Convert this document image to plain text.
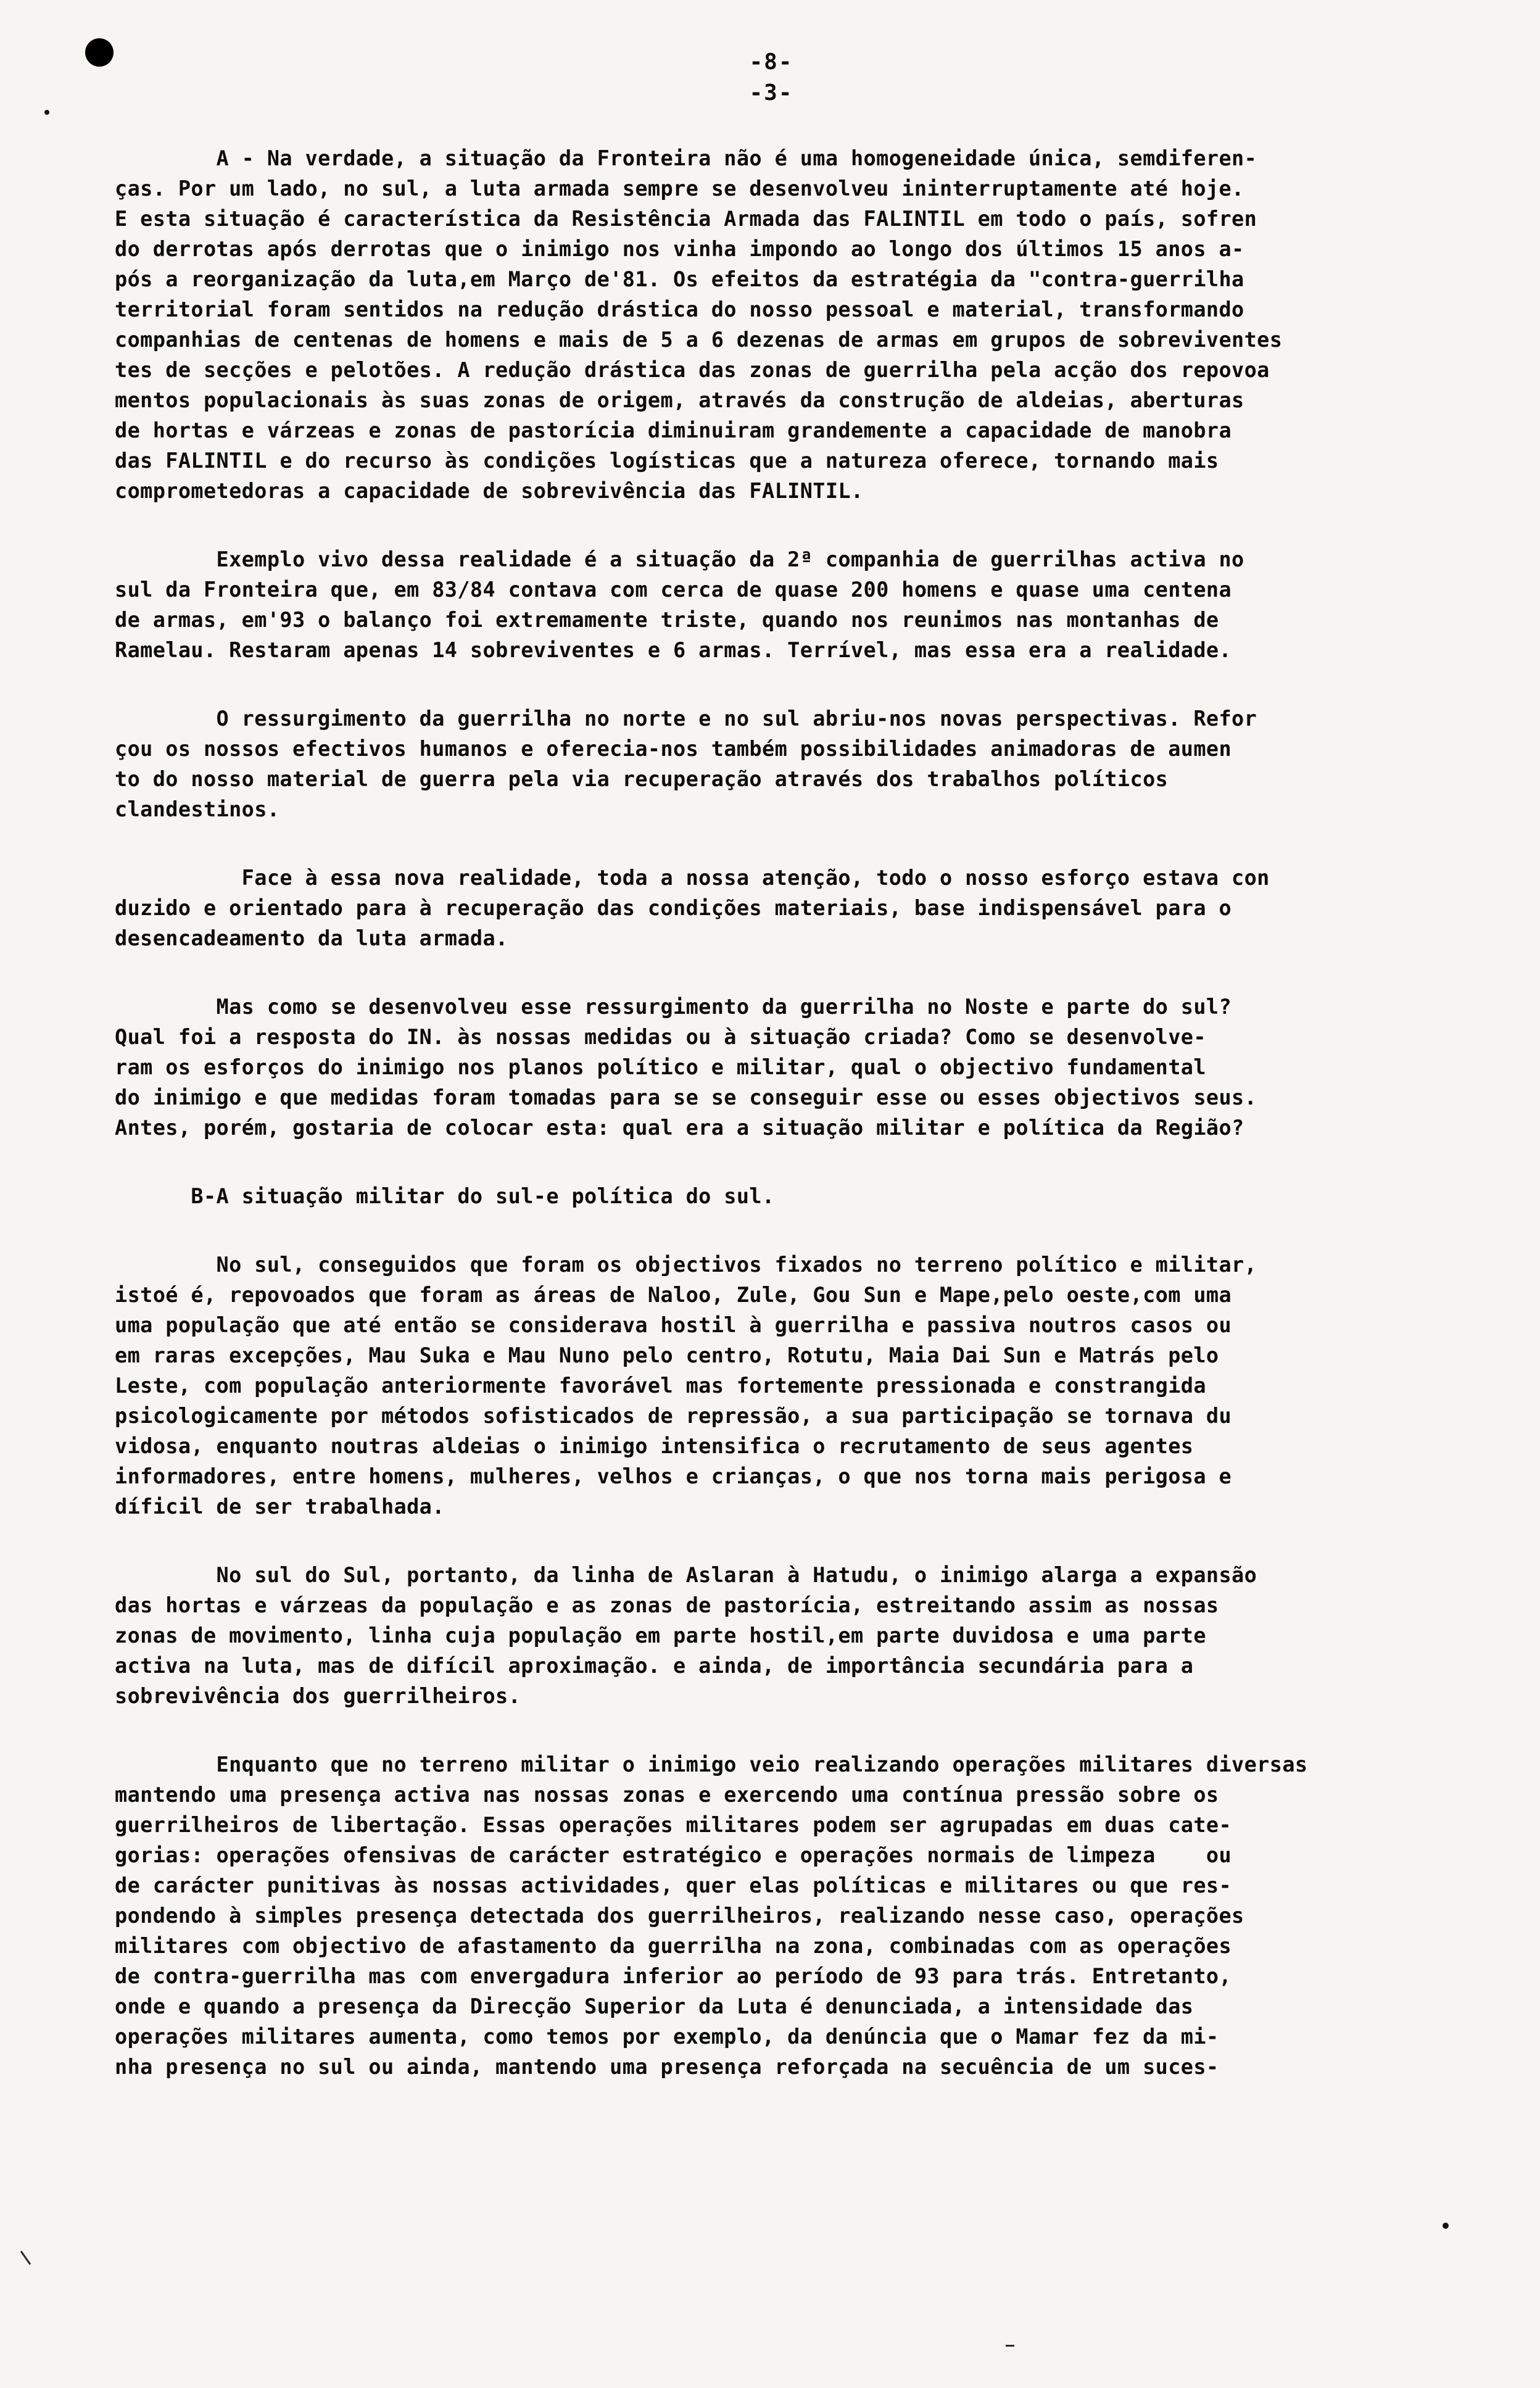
-8-
-3-
A - Na verdade, a situação da Fronteira não é uma homogeneidade única, semdiferen-
ças. Por um lado, no sul, a luta armada sempre se desenvolveu ininterruptamente até hoje.
E esta situação é característica da Resistência Armada das FALINTIL em todo o país, sofren
do derrotas após derrotas que o inimigo nos vinha impondo ao longo dos últimos 15 anos a-
pós a reorganização da luta,em Março de'81. Os efeitos da estratégia da "contra-guerrilha
territorial foram sentidos na redução drástica do nosso pessoal e material, transformando
companhias de centenas de homens e mais de 5 a 6 dezenas de armas em grupos de sobreviventes
tes de secções e pelotões. A redução drástica das zonas de guerrilha pela acção dos repovoa
mentos populacionais às suas zonas de origem, através da construção de aldeias, aberturas
de hortas e várzeas e zonas de pastorícia diminuiram grandemente a capacidade de manobra
das FALINTIL e do recurso às condições logísticas que a natureza oferece, tornando mais
comprometedoras a capacidade de sobrevivência das FALINTIL.
Exemplo vivo dessa realidade é a situação da 2ª companhia de guerrilhas activa no
sul da Fronteira que, em 83/84 contava com cerca de quase 200 homens e quase uma centena
de armas, em'93 o balanço foi extremamente triste, quando nos reunimos nas montanhas de
Ramelau. Restaram apenas 14 sobreviventes e 6 armas. Terrível, mas essa era a realidade.
O ressurgimento da guerrilha no norte e no sul abriu-nos novas perspectivas. Refor
çou os nossos efectivos humanos e oferecia-nos também possibilidades animadoras de aumen
to do nosso material de guerra pela via recuperação através dos trabalhos políticos
clandestinos.
Face à essa nova realidade, toda a nossa atenção, todo o nosso esforço estava con
duzido e orientado para à recuperação das condições materiais, base indispensável para o
desencadeamento da luta armada.
Mas como se desenvolveu esse ressurgimento da guerrilha no Noste e parte do sul?
Qual foi a resposta do IN. às nossas medidas ou à situação criada? Como se desenvolve-
ram os esforços do inimigo nos planos político e militar, qual o objectivo fundamental
do inimigo e que medidas foram tomadas para se se conseguir esse ou esses objectivos seus.
Antes, porém, gostaria de colocar esta: qual era a situação militar e política da Região?
B-A situação militar do sul-e política do sul.
No sul, conseguidos que foram os objectivos fixados no terreno político e militar,
istoé é, repovoados que foram as áreas de Naloo, Zule, Gou Sun e Mape,pelo oeste,com uma
uma população que até então se considerava hostil à guerrilha e passiva noutros casos ou
em raras excepções, Mau Suka e Mau Nuno pelo centro, Rotutu, Maia Dai Sun e Matrás pelo
Leste, com população anteriormente favorável mas fortemente pressionada e constrangida
psicologicamente por métodos sofisticados de repressão, a sua participação se tornava du
vidosa, enquanto noutras aldeias o inimigo intensifica o recrutamento de seus agentes
informadores, entre homens, mulheres, velhos e crianças, o que nos torna mais perigosa e
díficil de ser trabalhada.
No sul do Sul, portanto, da linha de Aslaran à Hatudu, o inimigo alarga a expansão
das hortas e várzeas da população e as zonas de pastorícia, estreitando assim as nossas
zonas de movimento, linha cuja população em parte hostil,em parte duvidosa e uma parte
activa na luta, mas de difícil aproximação. e ainda, de importância secundária para a
sobrevivência dos guerrilheiros.
Enquanto que no terreno militar o inimigo veio realizando operações militares diversas
mantendo uma presença activa nas nossas zonas e exercendo uma contínua pressão sobre os
guerrilheiros de libertação. Essas operações militares podem ser agrupadas em duas cate-
gorias: operações ofensivas de carácter estratégico e operações normais de limpeza    ou
de carácter punitivas às nossas actividades, quer elas políticas e militares ou que res-
pondendo à simples presença detectada dos guerrilheiros, realizando nesse caso, operações
militares com objectivo de afastamento da guerrilha na zona, combinadas com as operações
de contra-guerrilha mas com envergadura inferior ao período de 93 para trás. Entretanto,
onde e quando a presença da Direcção Superior da Luta é denunciada, a intensidade das
operações militares aumenta, como temos por exemplo, da denúncia que o Mamar fez da mi-
nha presença no sul ou ainda, mantendo uma presença reforçada na secuência de um suces-
